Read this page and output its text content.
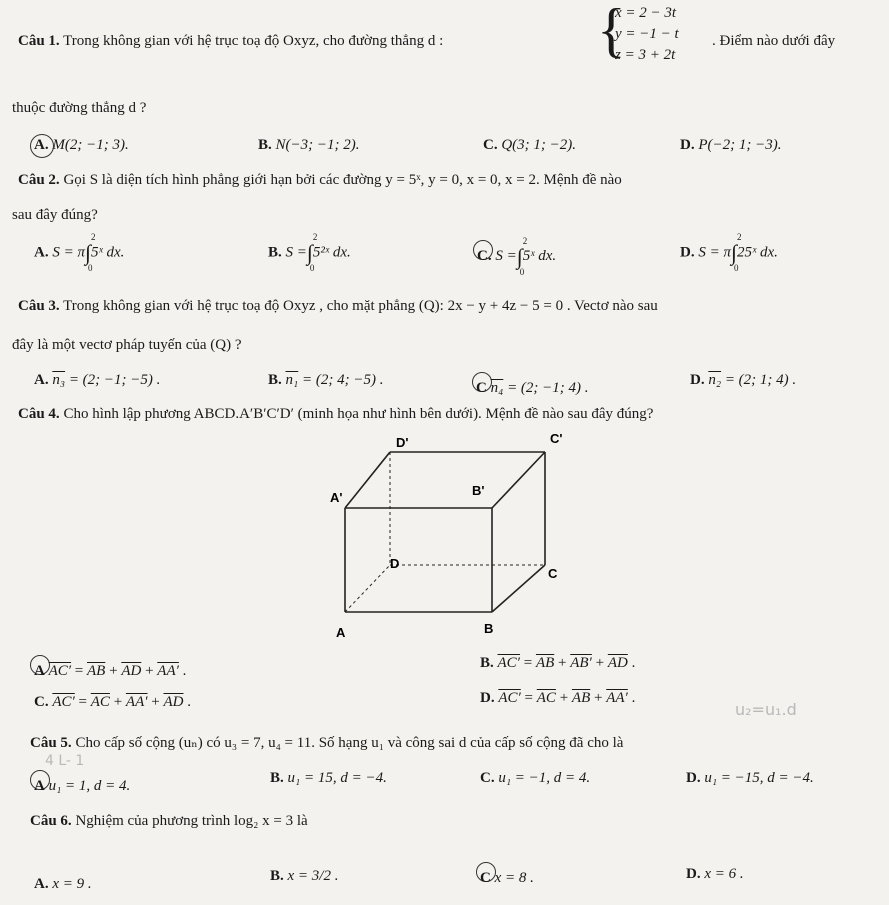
Câu 1. Trong không gian với hệ trục toạ độ Oxyz, cho đường thẳng d :	{
x = 2 − 3t
y = −1 − t
z = 3 + 2t
. Điểm nào dưới đây
thuộc đường thẳng d ?
A. M(2; −1; 3).	B. N(−3; −1; 2).	C. Q(3; 1; −2).	D. P(−2; 1; −3).
Câu 2. Gọi S là diện tích hình phẳng giới hạn bởi các đường y = 5ˣ, y = 0, x = 0, x = 2. Mệnh đề nào
sau đây đúng?
A. S = π∫
2
0
5ˣ dx.	B. S =∫
2
0
5²ˣ dx.	C. S =∫
2
0
5ˣ dx.	D. S = π∫
2
0
25ˣ dx.
Câu 3. Trong không gian với hệ trục toạ độ Oxyz , cho mặt phẳng (Q): 2x − y + 4z − 5 = 0 . Vectơ nào sau
đây là một vectơ pháp tuyến của (Q) ?
A. n₃ = (2; −1; −5) .	B. n₁ = (2; 4; −5) .	C n₄ = (2; −1; 4) .	D. n₂ = (2; 1; 4) .
Câu 4. Cho hình lập phương ABCD.A′B′C′D′ (minh họa như hình bên dưới). Mệnh đề nào sau đây đúng?
D'	C'
A'	B'
D
C
A	B
A $AC' = \overline{AB} + \overline{AD} + AA'$ .	B. $AC' = \overline{AB} + AB' + \overline{AD}$ .
C. $AC' = \overline{AC} + AA' + \overline{AD}$ .	D. $AC' = \overline{AC} + \overline{AB} + AA'$ .
u₂=u₁.d
Câu 5. Cho cấp số cộng (uₙ) có u₃ = 7, u₄ = 11. Số hạng u₁ và công sai d của cấp số cộng đã cho là
4 L- 1
A u₁ = 1, d = 4.	B. u₁ = 15, d = −4.	C. u₁ = −1, d = 4.	D. u₁ = −15, d = −4.
Câu 6. Nghiệm của phương trình log₂ x = 3 là
A. x = 9 .	B. x = 3/2 .	C x = 8 .	D. x = 6 .
